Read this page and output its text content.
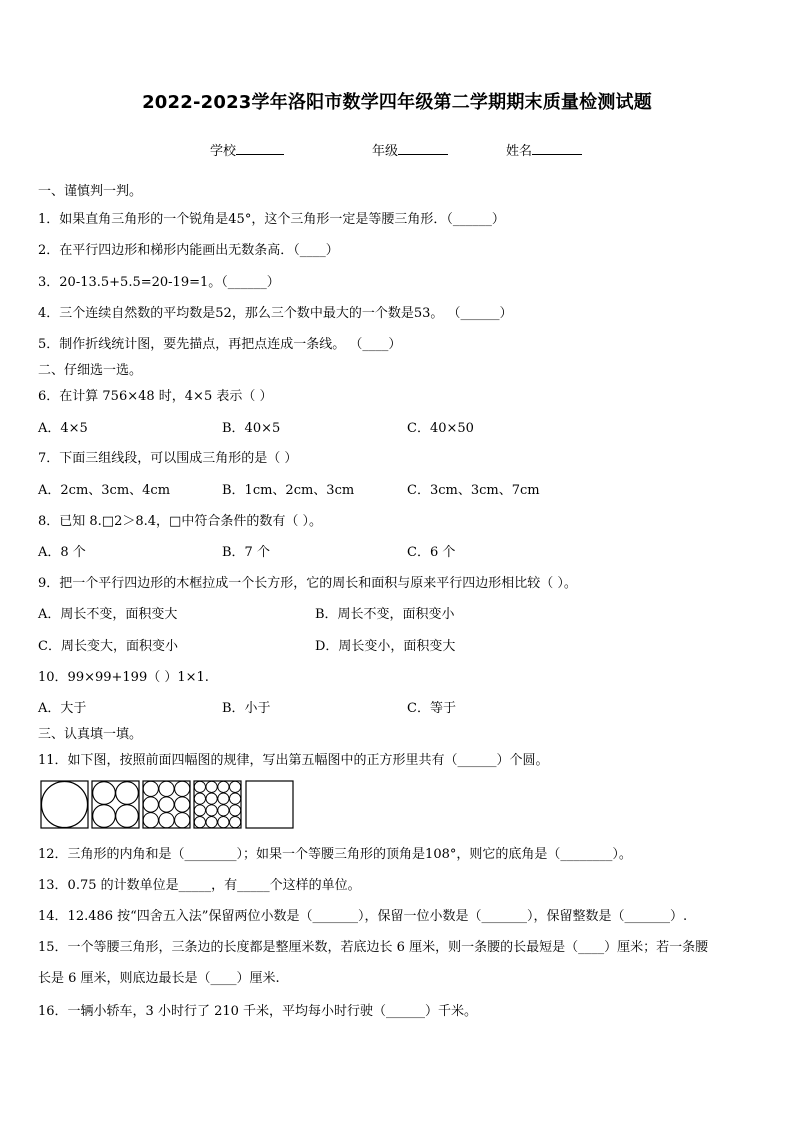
2022-2023学年洛阳市数学四年级第二学期期末质量检测试题
学校	年级	姓名
一、谨慎判一判。
1．如果直角三角形的一个锐角是45°，这个三角形一定是等腰三角形．（______）
2．在平行四边形和梯形内能画出无数条高．（____）
3．20-13.5+5.5=20-19=1。（______）
4．三个连续自然数的平均数是52，那么三个数中最大的一个数是53。 （______）
5．制作折线统计图，要先描点，再把点连成一条线。 （____）
二、仔细选一选。
6．在计算 756×48 时，4×5 表示（ ）
A．4×5	B．40×5	C．40×50
7．下面三组线段，可以围成三角形的是（ ）
A．2cm、3cm、4cm	B．1cm、2cm、3cm	C．3cm、3cm、7cm
8．已知 8.□2＞8.4，□中符合条件的数有（ ）。
A．8 个	B．7 个	C．6 个
9．把一个平行四边形的木框拉成一个长方形，它的周长和面积与原来平行四边形相比较（ ）。
A．周长不变，面积变大	B．周长不变，面积变小
C．周长变大，面积变小	D．周长变小，面积变大
10．99×99+199（ ）1×1.
A．大于	B．小于	C．等于
三、认真填一填。
11．如下图，按照前面四幅图的规律，写出第五幅图中的正方形里共有（______）个圆。
12．三角形的内角和是（________）；如果一个等腰三角形的顶角是108°，则它的底角是（________）。
13．0.75 的计数单位是_____，有_____个这样的单位。
14．12.486 按“四舍五入法”保留两位小数是（_______），保留一位小数是（_______），保留整数是（_______）.
15．一个等腰三角形，三条边的长度都是整厘米数，若底边长 6 厘米，则一条腰的长最短是（____）厘米；若一条腰
长是 6 厘米，则底边最长是（____）厘米.
16．一辆小轿车，3 小时行了 210 千米，平均每小时行驶（______）千米。
